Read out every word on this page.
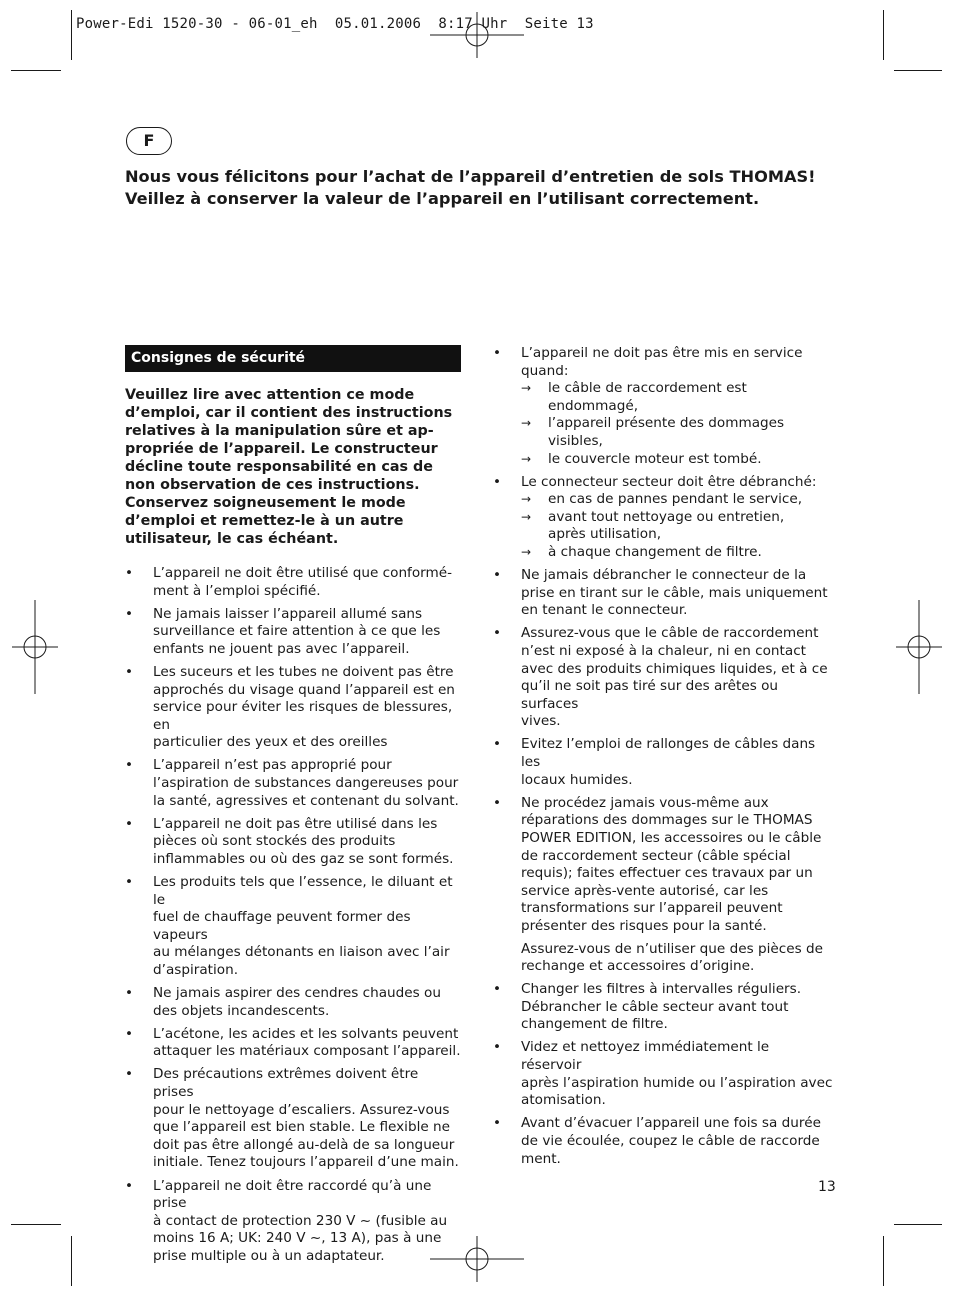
Power-Edi 1520-30 - 06-01_eh  05.01.2006  8:17 Uhr  Seite 13
F
Nous vous félicitons pour l’achat de l’appareil d’entretien de sols THOMAS!
Veillez à conserver la valeur de l’appareil en l’utilisant correctement.
Consignes de sécurité
Veuillez lire avec attention ce mode
d’emploi, car il contient des instructions
relatives à la manipulation sûre et ap-
propriée de l’appareil. Le constructeur
décline toute responsabilité en cas de
non observation de ces instructions.
Conservez soigneusement le mode
d’emploi et remettez-le à un autre
utilisateur, le cas échéant.
• L’appareil ne doit être utilisé que conformé-
ment à l’emploi spécifié.
• Ne jamais laisser l’appareil allumé sans
surveillance et faire attention à ce que les
enfants ne jouent pas avec l’appareil.
• Les suceurs et les tubes ne doivent pas être
approchés du visage quand l’appareil est en
service pour éviter les risques de blessures, en
particulier des yeux et des oreilles
• L’appareil n’est pas approprié pour
l’aspiration de substances dangereuses pour
la santé, agressives et contenant du solvant.
• L’appareil ne doit pas être utilisé dans les
pièces où sont stockés des produits
inflammables ou où des gaz se sont formés.
• Les produits tels que l’essence, le diluant et le
fuel de chauffage peuvent former des vapeurs
au mélanges détonants en liaison avec l’air
d’aspiration.
• Ne jamais aspirer des cendres chaudes ou
des objets incandescents.
• L’acétone, les acides et les solvants peuvent
attaquer les matériaux composant l’appareil.
• Des précautions extrêmes doivent être prises
pour le nettoyage d’escaliers. Assurez-vous
que l’appareil est bien stable. Le flexible ne
doit pas être allongé au-delà de sa longueur
initiale. Tenez toujours l’appareil d’une main.
• L’appareil ne doit être raccordé qu’à une prise
à contact de protection 230 V ~ (fusible au
moins 16 A; UK: 240 V ~, 13 A), pas à une
prise multiple ou à un adaptateur.
• L’appareil ne doit pas être mis en service
quand:
→ le câble de raccordement est
endommagé,
→ l’appareil présente des dommages
visibles,
→ le couvercle moteur est tombé.
• Le connecteur secteur doit être débranché:
→ en cas de pannes pendant le service,
→ avant tout nettoyage ou entretien,
après utilisation,
→ à chaque changement de filtre.
• Ne jamais débrancher le connecteur de la
prise en tirant sur le câble, mais uniquement
en tenant le connecteur.
• Assurez-vous que le câble de raccordement
n’est ni exposé à la chaleur, ni en contact
avec des produits chimiques liquides, et à ce
qu’il ne soit pas tiré sur des arêtes ou surfaces
vives.
• Evitez l’emploi de rallonges de câbles dans les
locaux humides.
• Ne procédez jamais vous-même aux
réparations des dommages sur le THOMAS
POWER EDITION, les accessoires ou le câble
de raccordement secteur (câble spécial
requis); faites effectuer ces travaux par un
service après-vente autorisé, car les
transformations sur l’appareil peuvent
présenter des risques pour la santé.
Assurez-vous de n’utiliser que des pièces de
rechange et accessoires d’origine.
• Changer les filtres à intervalles réguliers.
Débrancher le câble secteur avant tout
changement de filtre.
• Videz et nettoyez immédiatement le réservoir
après l’aspiration humide ou l’aspiration avec
atomisation.
• Avant d’évacuer l’appareil une fois sa durée
de vie écoulée, coupez le câble de raccorde
ment.
13
